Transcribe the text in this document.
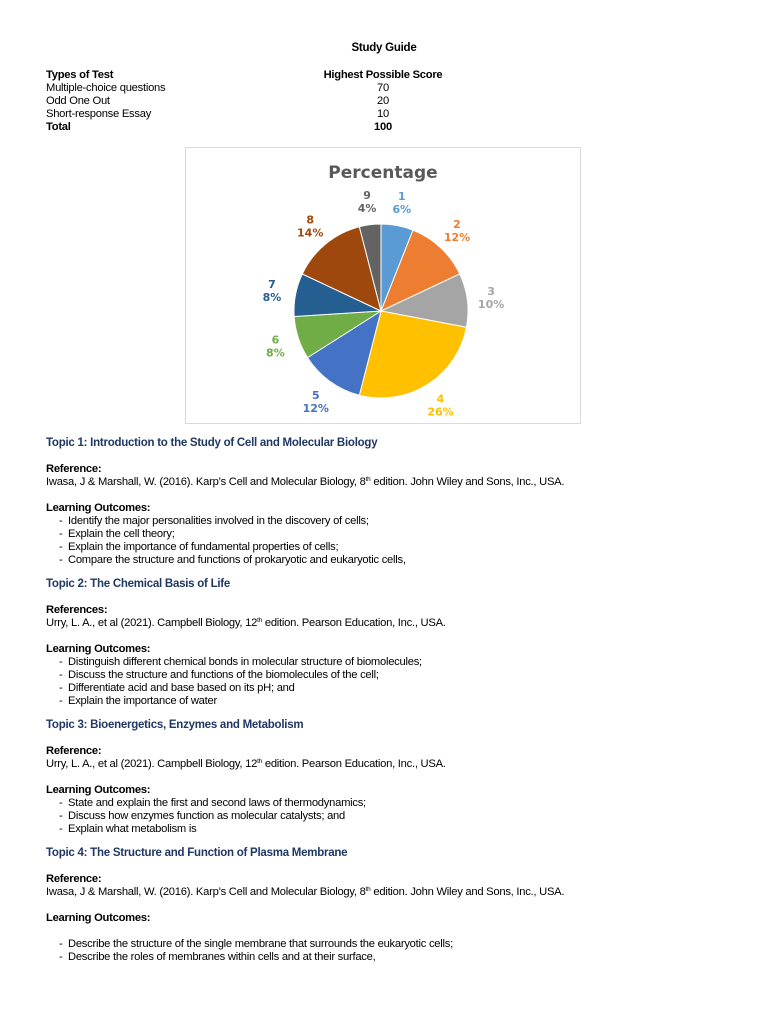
Study Guide
Types of Test	Highest Possible Score
Multiple-choice questions	70
Odd One Out	20
Short-response Essay	10
Total	100
Percentage
1
6%
2
12%
3
10%
4
26%
5
12%
6
8%
7
8%
8
14%
9
4%
Topic 1: Introduction to the Study of Cell and Molecular Biology
Reference:
Iwasa, J & Marshall, W. (2016). Karp’s Cell and Molecular Biology, 8th edition. John Wiley and Sons, Inc., USA.
Learning Outcomes:
- Identify the major personalities involved in the discovery of cells;
- Explain the cell theory;
- Explain the importance of fundamental properties of cells;
- Compare the structure and functions of prokaryotic and eukaryotic cells,
Topic 2: The Chemical Basis of Life
References:
Urry, L. A., et al (2021). Campbell Biology, 12th edition. Pearson Education, Inc., USA.
Learning Outcomes:
- Distinguish different chemical bonds in molecular structure of biomolecules;
- Discuss the structure and functions of the biomolecules of the cell;
- Differentiate acid and base based on its pH; and
- Explain the importance of water
Topic 3: Bioenergetics, Enzymes and Metabolism
Reference:
Urry, L. A., et al (2021). Campbell Biology, 12th edition. Pearson Education, Inc., USA.
Learning Outcomes:
- State and explain the first and second laws of thermodynamics;
- Discuss how enzymes function as molecular catalysts; and
- Explain what metabolism is
Topic 4: The Structure and Function of Plasma Membrane
Reference:
Iwasa, J & Marshall, W. (2016). Karp’s Cell and Molecular Biology, 8th edition. John Wiley and Sons, Inc., USA.
Learning Outcomes:
- Describe the structure of the single membrane that surrounds the eukaryotic cells;
- Describe the roles of membranes within cells and at their surface,
